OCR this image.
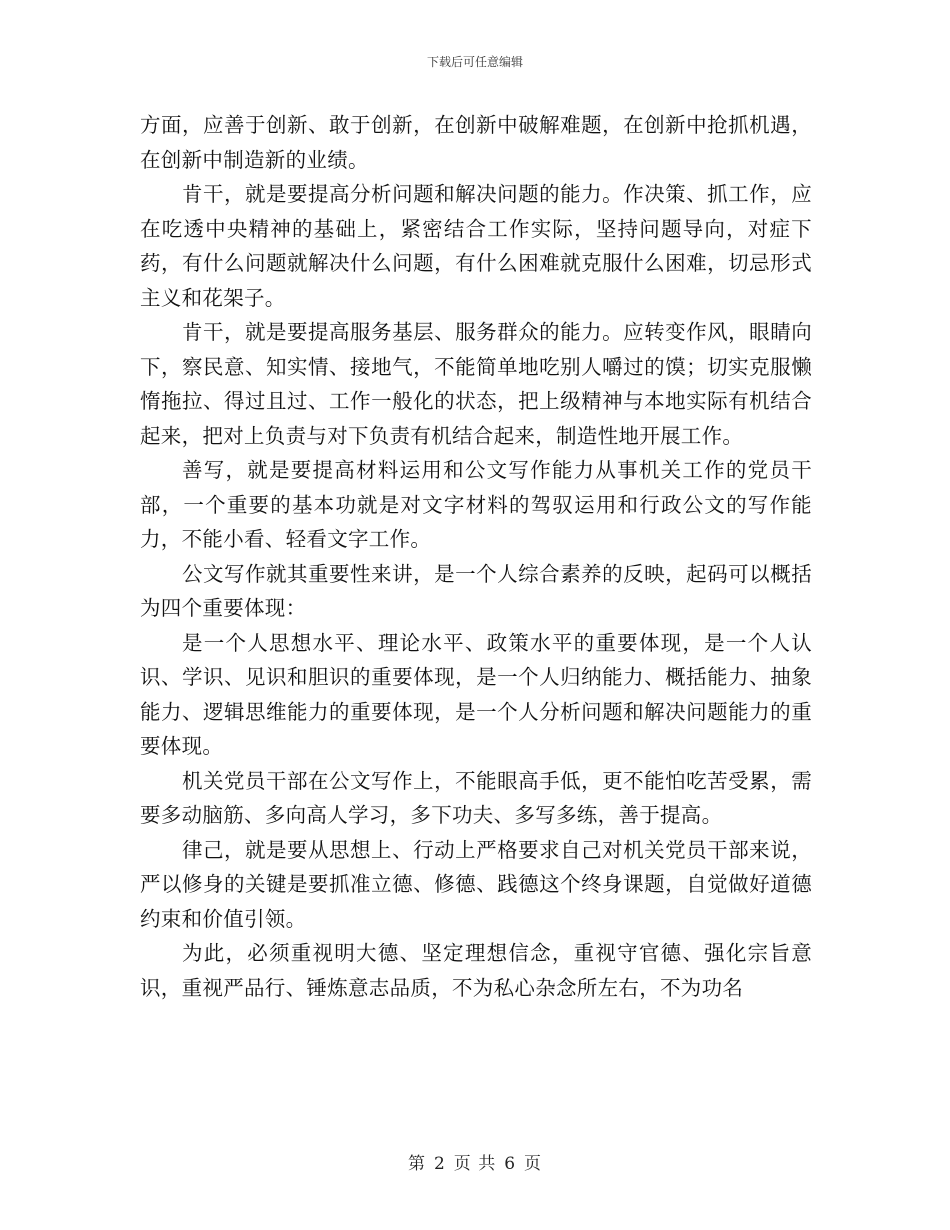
下载后可任意编辑

方面，应善于创新、敢于创新，在创新中破解难题，在创新中抢抓机遇，在创新中制造新的业绩。

肯干，就是要提高分析问题和解决问题的能力。作决策、抓工作，应在吃透中央精神的基础上，紧密结合工作实际，坚持问题导向，对症下药，有什么问题就解决什么问题，有什么困难就克服什么困难，切忌形式主义和花架子。

肯干，就是要提高服务基层、服务群众的能力。应转变作风，眼睛向下，察民意、知实情、接地气，不能简单地吃别人嚼过的馍；切实克服懒惰拖拉、得过且过、工作一般化的状态，把上级精神与本地实际有机结合起来，把对上负责与对下负责有机结合起来，制造性地开展工作。

善写，就是要提高材料运用和公文写作能力从事机关工作的党员干部，一个重要的基本功就是对文字材料的驾驭运用和行政公文的写作能力，不能小看、轻看文字工作。

公文写作就其重要性来讲，是一个人综合素养的反映，起码可以概括为四个重要体现：

是一个人思想水平、理论水平、政策水平的重要体现，是一个人认识、学识、见识和胆识的重要体现，是一个人归纳能力、概括能力、抽象能力、逻辑思维能力的重要体现，是一个人分析问题和解决问题能力的重要体现。

机关党员干部在公文写作上，不能眼高手低，更不能怕吃苦受累，需要多动脑筋、多向高人学习，多下功夫、多写多练，善于提高。

律己，就是要从思想上、行动上严格要求自己对机关党员干部来说，严以修身的关键是要抓准立德、修德、践德这个终身课题，自觉做好道德约束和价值引领。

为此，必须重视明大德、坚定理想信念，重视守官德、强化宗旨意识，重视严品行、锤炼意志品质，不为私心杂念所左右，不为功名

第 2 页 共 6 页
